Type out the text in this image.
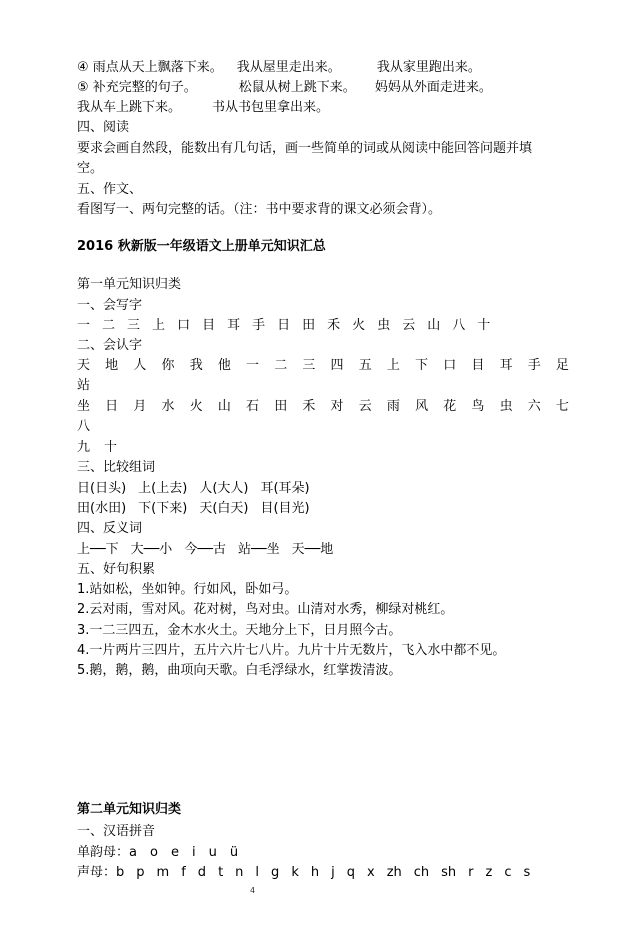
④ 雨点从天上飘落下来。 我从屋里走出来。	我从家里跑出来。
⑤ 补充完整的句子。	松鼠从树上跳下来。 妈妈从外面走进来。
我从车上跳下来。 书从书包里拿出来。
四、阅读
要求会画自然段，能数出有几句话，画一些简单的词或从阅读中能回答问题并填
空。
五、作文、
看图写一、两句完整的话。（注：书中要求背的课文必须会背）。
2016 秋新版一年级语文上册单元知识汇总
第一单元知识归类
一、会写字
一 二 三 上 口 目 耳 手 日 田 禾 火 虫 云 山 八 十
二、会认字
天 地 人 你 我 他 一 二 三 四 五 上 下 口 目 耳 手 足
站
坐 日 月 水 火 山 石 田 禾 对 云 雨 风 花 鸟 虫 六 七
八
九 十
三、比较组词
日(日头) 上(上去) 人(大人) 耳(耳朵)
田(水田) 下(下来) 天(白天) 目(目光)
四、反义词
上──下 大──小 今──古 站──坐 天──地
五、好句积累
1.站如松，坐如钟。行如风，卧如弓。
2.云对雨，雪对风。花对树，鸟对虫。山清对水秀，柳绿对桃红。
3.一二三四五，金木水火土。天地分上下，日月照今古。
4.一片两片三四片，五片六片七八片。九片十片无数片，飞入水中都不见。
5.鹅，鹅，鹅，曲项向天歌。白毛浮绿水，红掌拨清波。
第二单元知识归类
一、汉语拼音
单韵母：a o e i u ü
声母：b p m f d t n l g k h j q x zh ch sh r z c s
4
